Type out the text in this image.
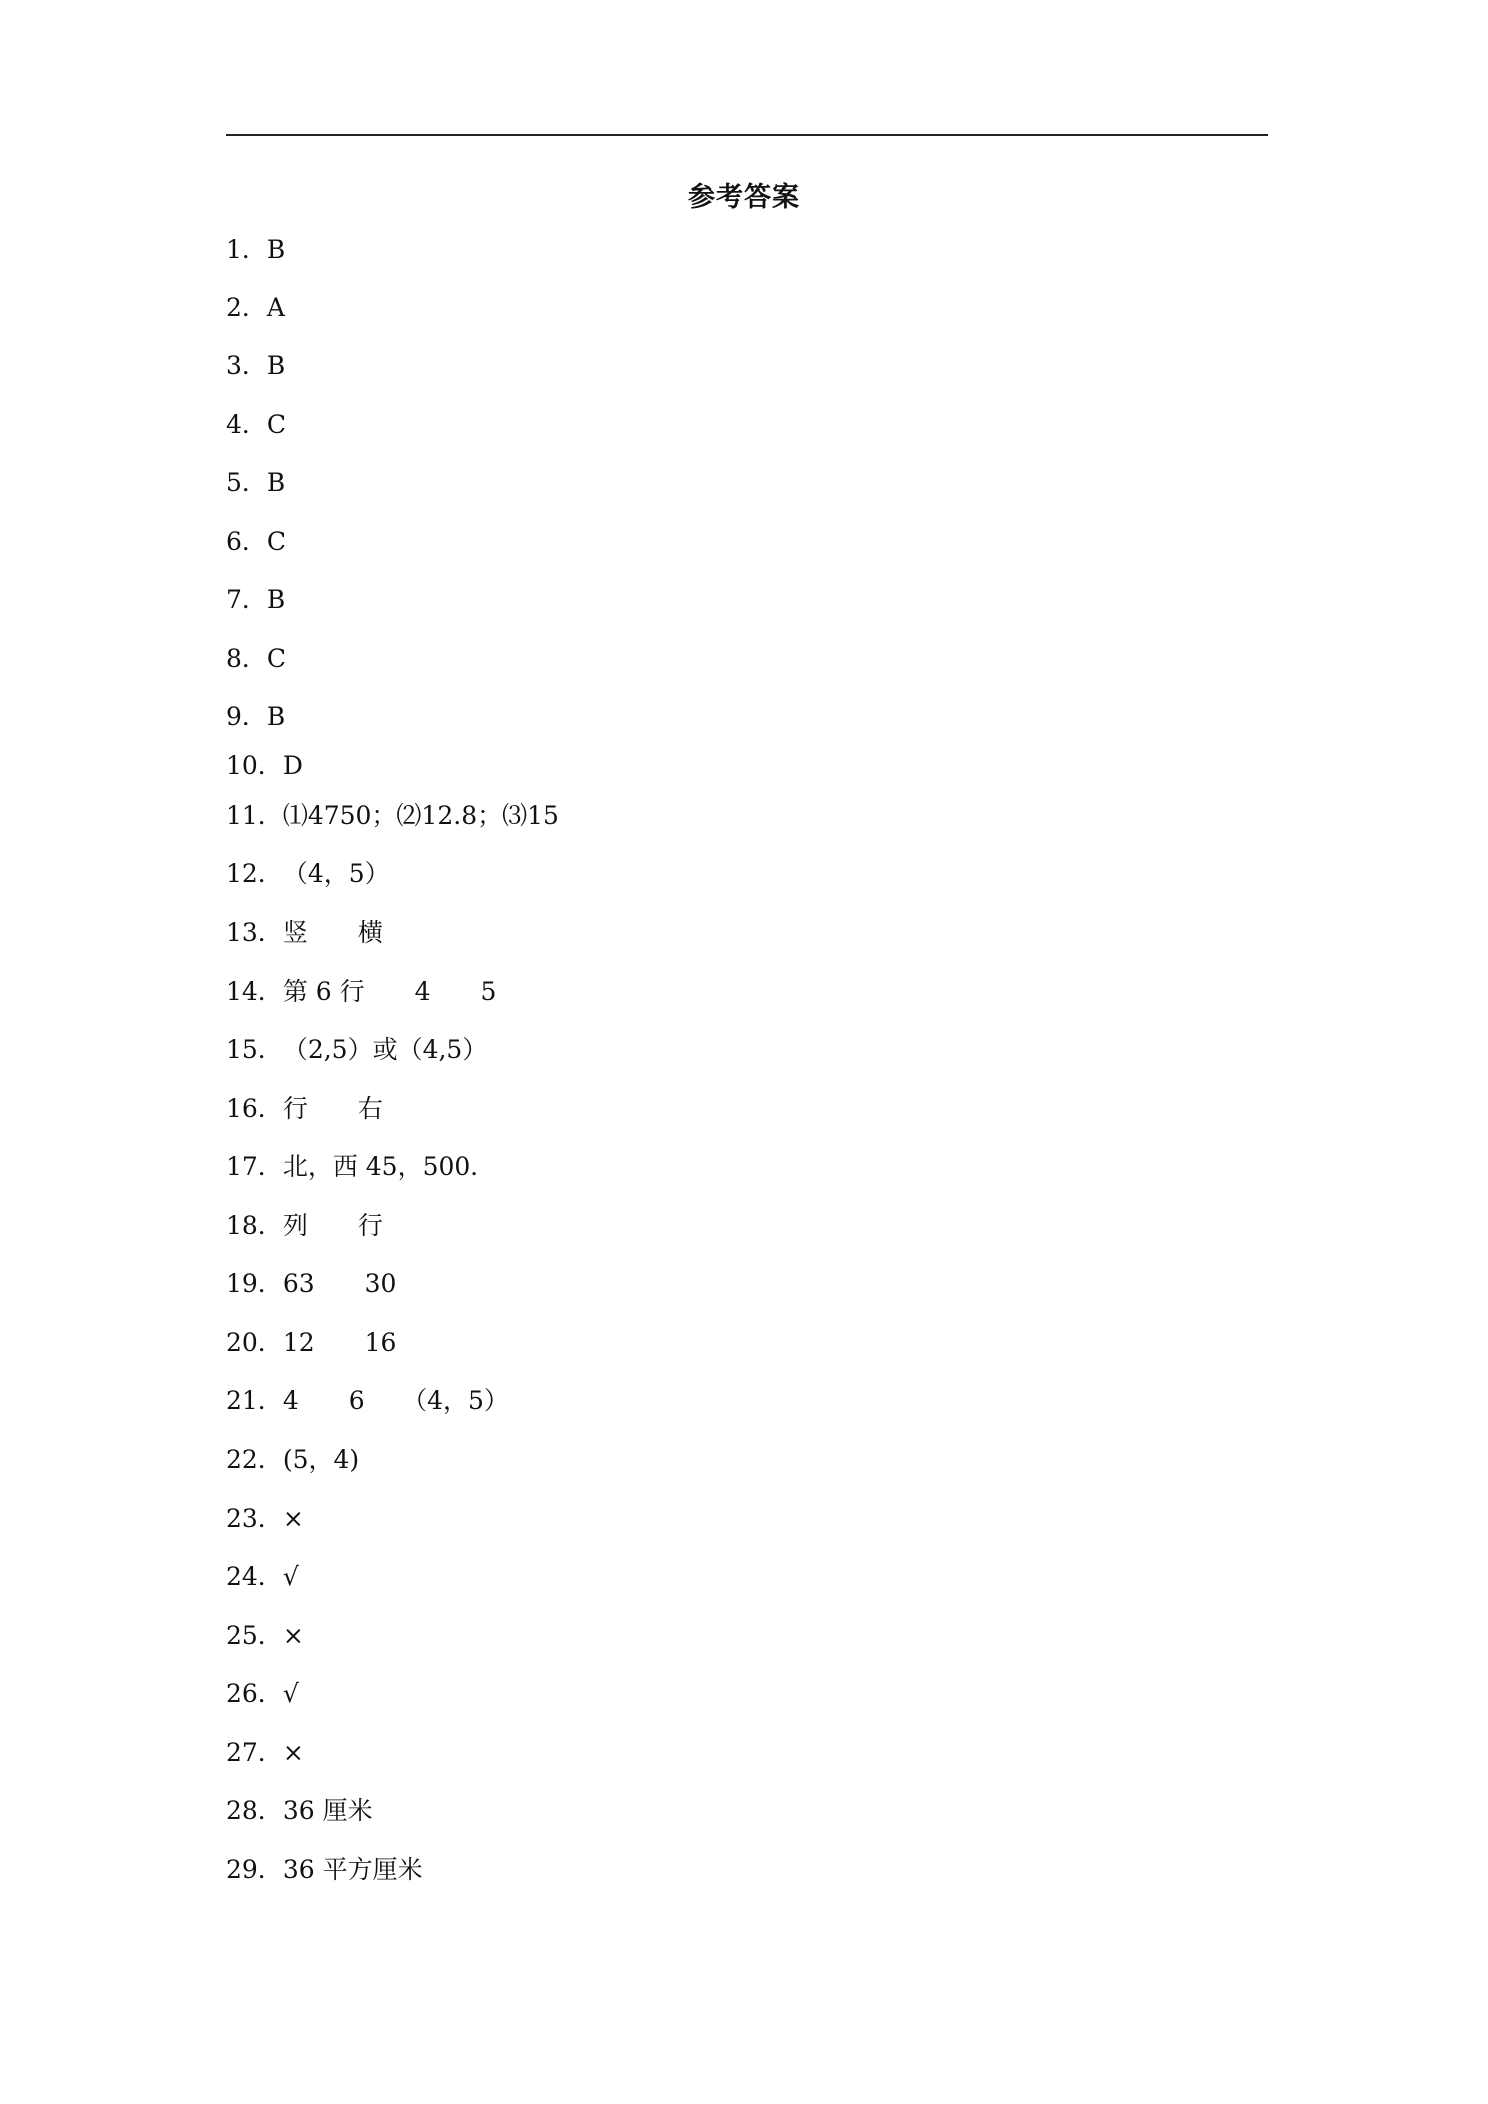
参考答案
1．B
2．A
3．B
4．C
5．B
6．C
7．B
8．C
9．B
10．D
11．⑴4750；⑵12.8；⑶15
12．（4，5）
13．竖　　横
14．第 6 行　　4　　5
15．（2,5）或（4,5）
16．行　　右
17．北，西 45，500．
18．列　　行
19．63　　30
20．12　　16
21．4　　6　　（4，5）
22．(5，4)
23．×
24．√
25．×
26．√
27．×
28．36 厘米
29．36 平方厘米
